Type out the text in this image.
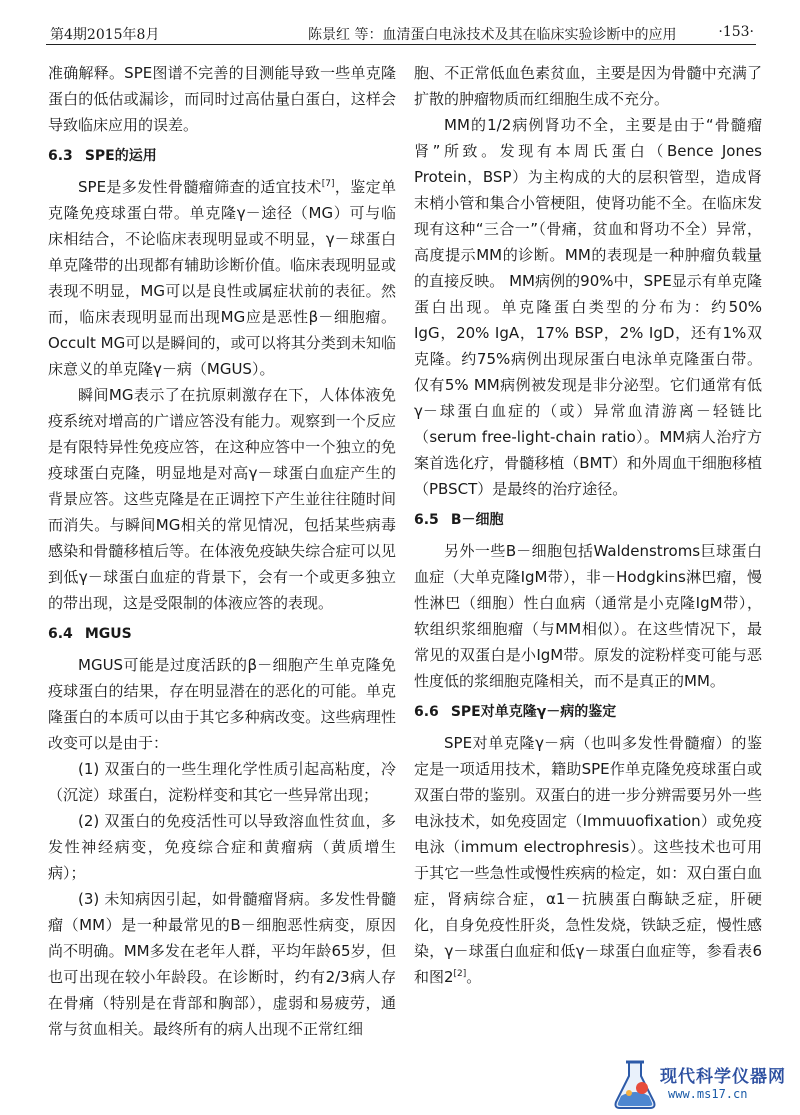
第4期2015年8月	陈景红 等：血清蛋白电泳技术及其在临床实验诊断中的应用	·153·

准确解释。SPE图谱不完善的目测能导致一些单克隆蛋白的低估或漏诊，而同时过高估量白蛋白，这样会导致临床应用的误差。

6.3 SPE的运用

SPE是多发性骨髓瘤筛查的适宜技术[7]，鉴定单克隆免疫球蛋白带。单克隆γ－途径（MG）可与临床相结合，不论临床表现明显或不明显，γ－球蛋白单克隆带的出现都有辅助诊断价值。临床表现明显或表现不明显，MG可以是良性或属症状前的表征。然而，临床表现明显而出现MG应是恶性β－细胞瘤。Occult MG可以是瞬间的，或可以将其分类到未知临床意义的单克隆γ－病（MGUS）。

瞬间MG表示了在抗原刺激存在下，人体体液免疫系统对增高的广谱应答没有能力。观察到一个反应是有限特异性免疫应答，在这种应答中一个独立的免疫球蛋白克隆，明显地是对高γ－球蛋白血症产生的背景应答。这些克隆是在正调控下产生並往往随时间而消失。与瞬间MG相关的常见情况，包括某些病毒感染和骨髓移植后等。在体液免疫缺失综合症可以见到低γ－球蛋白血症的背景下，会有一个或更多独立的带出现，这是受限制的体液应答的表现。

6.4 MGUS

MGUS可能是过度活跃的β－细胞产生单克隆免疫球蛋白的结果，存在明显潜在的恶化的可能。单克隆蛋白的本质可以由于其它多种病改变。这些病理性改变可以是由于：

(1) 双蛋白的一些生理化学性质引起高粘度，冷（沉淀）球蛋白，淀粉样变和其它一些异常出现；

(2) 双蛋白的免疫活性可以导致溶血性贫血，多发性神经病变，免疫综合症和黄瘤病（黄质增生病）；

(3) 未知病因引起，如骨髓瘤肾病。多发性骨髓瘤（MM）是一种最常见的B－细胞恶性病变，原因尚不明确。MM多发在老年人群，平均年龄65岁，但也可出现在较小年龄段。在诊断时，约有2/3病人存在骨痛（特别是在背部和胸部），虚弱和易疲劳，通常与贫血相关。最终所有的病人出现不正常红细

胞、不正常低血色素贫血，主要是因为骨髓中充满了扩散的肿瘤物质而红细胞生成不充分。

MM的1/2病例肾功不全，主要是由于“骨髓瘤肾”所致。发现有本周氏蛋白（Bence Jones Protein，BSP）为主构成的大的层积管型，造成肾末梢小管和集合小管梗阻，使肾功能不全。在临床发现有这种“三合一”（骨痛，贫血和肾功不全）异常，高度提示MM的诊断。MM的表现是一种肿瘤负载量的直接反映。 MM病例的90%中，SPE显示有单克隆蛋白出现。单克隆蛋白类型的分布为：约50% IgG，20% IgA，17% BSP，2% IgD，还有1%双克隆。约75%病例出现尿蛋白电泳单克隆蛋白带。仅有5% MM病例被发现是非分泌型。它们通常有低γ－球蛋白血症的（或）异常血清游离－轻链比（serum free-light-chain ratio）。MM病人治疗方案首选化疗，骨髓移植（BMT）和外周血干细胞移植（PBSCT）是最终的治疗途径。

6.5 B－细胞

另外一些B－细胞包括Waldenstroms巨球蛋白血症（大单克隆IgM带），非－Hodgkins淋巴瘤，慢性淋巴（细胞）性白血病（通常是小克隆IgM带），软组织浆细胞瘤（与MM相似）。在这些情况下，最常见的双蛋白是小IgM带。原发的淀粉样变可能与恶性度低的浆细胞克隆相关，而不是真正的MM。

6.6 SPE对单克隆γ－病的鉴定

SPE对单克隆γ－病（也叫多发性骨髓瘤）的鉴定是一项适用技术，籍助SPE作单克隆免疫球蛋白或双蛋白带的鉴别。双蛋白的进一步分辨需要另外一些电泳技术，如免疫固定（Immuuofixation）或免疫电泳（immum electrophresis）。这些技术也可用于其它一些急性或慢性疾病的检定，如：双白蛋白血症，肾病综合症，α1－抗胰蛋白酶缺乏症，肝硬化，自身免疫性肝炎，急性发烧，铁缺乏症，慢性感染，γ－球蛋白血症和低γ－球蛋白血症等，参看表6和图2[2]。

现代科学仪器网
www.ms17.cn
